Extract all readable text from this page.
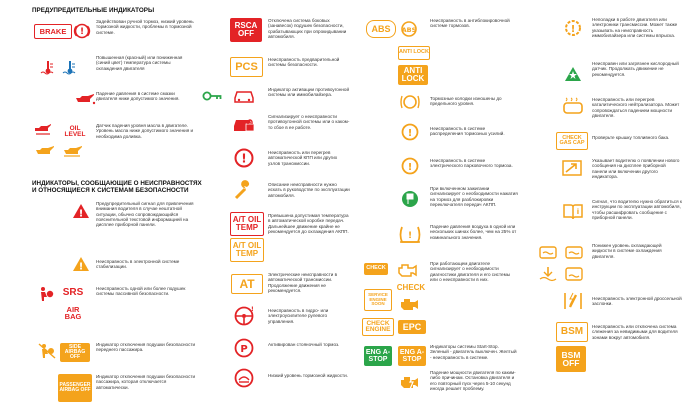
ПРЕДУПРЕДИТЕЛЬНЫЕ ИНДИКАТОРЫ
BRAKE	!
Задействован ручной тормоз, низкий уровень тормозной жидкости, проблемы в тормозной системе.
Повышенная (красный) или пониженная (синий цвет) температура системы охлаждения двигателя
Падение давления в системе смазки двигателя ниже допустимого значения.
OIL LEVEL
Датчик падения уровня масла в двигателе. Уровень масла ниже допустимого значения и необходима доливка.
ИНДИКАТОРЫ, СООБЩАЮЩИЕ О НЕИСПРАВНОСТЯХ И ОТНОСЯЩИЕСЯ К СИСТЕМАМ БЕЗОПАСНОСТИ
!
Предупредительный сигнал для привлечения внимания водителя в случае нештатной ситуации, обычно сопровождающийся пояснительной текстовой информацией на дисплее приборной панели.
!	Неисправность в электронной системе стабилизации.
SRS
AIR BAG
Неисправность одной или более подушек системы пассивной безопасности.
SIDE AIRBAG OFF
Индикатор отключения подушки безопасности переднего пассажира.
PASSENGER AIRBAG OFF
Индикатор отключения подушки безопасности пассажира, которая отключается автоматически.
RSCA OFF
Отключена система боковых (занавесок) подушек безопасности, срабатывающих при опрокидывании автомобиля.
PCS
Неисправность предварительной системы безопасности.
Индикатор активации противоугонной системы или иммобилайзера.
Сигнализирует о неисправности противоугонной системы или о каком-то сбое в ее работе.
!	Неисправность или перегрев автоматической КПП или других узлов трансмиссии.
Описание неисправности нужно искать в руководстве по эксплуатации автомобиля.
A/T OIL TEMP
A/T OIL TEMP
Превышена допустимая температура в автоматической коробке передач. Дальнейшее движение крайне не рекомендуется до охлаждения АКПП.
AT
Электрические неисправности в автоматической трансмиссии. Продолжение движения не рекомендуется.
!	Неисправность в гидро- или электроусилителе рулевого управления.
P	Активирован стояночный тормоз.
Низкий уровень тормозной жидкости.
ABS	ABS
Неисправность в антиблокировочной системе тормозов.
ANTI LOCK
ANTI LOCK
Тормозные колодки изношены до предельного уровня.
!	Неисправность в системе распределения тормозных усилий.
!
Неисправность в системе электрического парковочного тормоза.
При включенном зажигании сигнализирует о необходимости нажатия на тормоз для разблокировки переключателя передач АКПП.
!
Падение давления воздуха в одной или нескольких шинах более, чем на 25% от номинального значения.
CHECK
CHECK
SERVICE ENGINE SOON
CHECK ENGINE	EPC
При работающем двигателе сигнализирует о необходимости диагностики двигателя и его системы или о неисправности в них.
ENG A-STOP
ENG A-STOP
Индикаторы системы Start-Stop. Зеленый - двигатель выключен. Желтый - неисправность в системе.
Падение мощности двигателя по каким-либо причинам. Остановка двигателя и его повторный пуск через 5-10 секунд иногда решает проблему.
!
Неполадки в работе двигателя или электроники трансмиссии. Может также указывать на неисправность иммобилайзера или системы впрыска.
Неисправен или загрязнен кислородный датчик. Продолжать движение не рекомендуется.
Неисправность или перегрев каталитического нейтрализатора. Может сопровождаться падением мощности двигателя.
CHECK GAS CAP
Проверьте крышку топливного бака.
Указывает водителю о появлении нового сообщения на дисплее приборной панели или включении другого индикатора.
i
Сигнал, что водителю нужно обратиться к инструкции по эксплуатации автомобиля, чтобы расшифровать сообщение с приборной панели.
Понижен уровень охлаждающей жидкости в системе охлаждения двигателя.
Неисправность электронной дроссельной заслонки.
BSM
BSM OFF
Неисправность или отключена система слежения за невидимыми для водителя зонами вокруг автомобиля.
